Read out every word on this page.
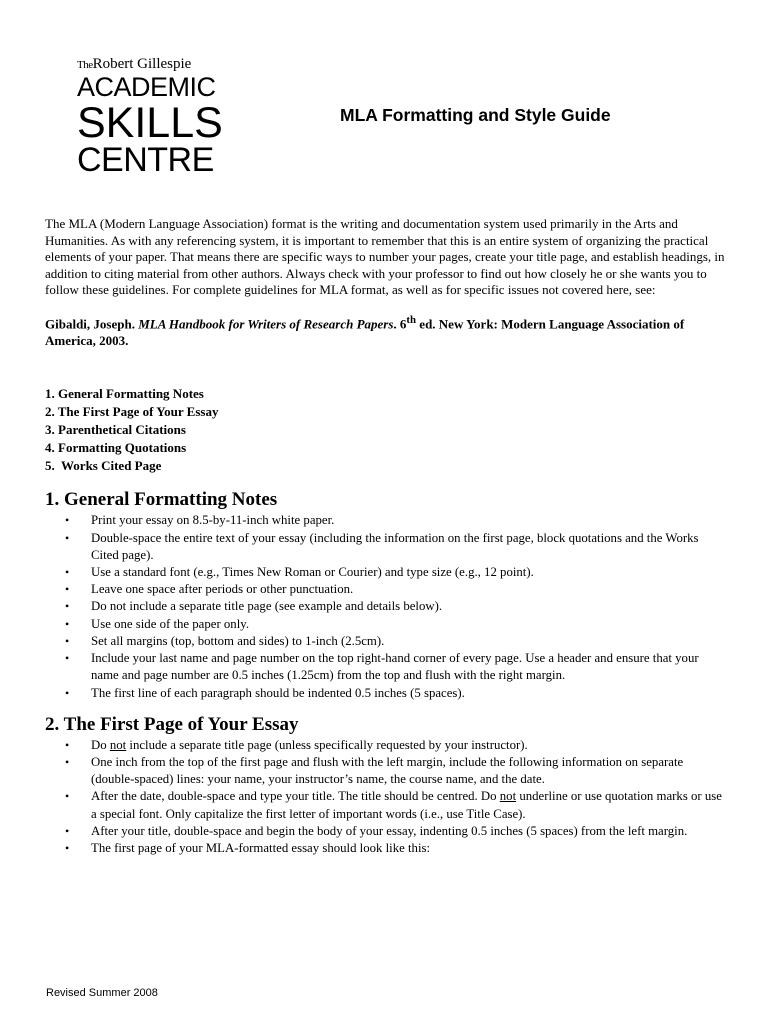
TheRobert Gillespie
ACADEMIC
SKILLS
CENTRE
MLA Formatting and Style Guide

The MLA (Modern Language Association) format is the writing and documentation system used primarily in the Arts and Humanities. As with any referencing system, it is important to remember that this is an entire system of organizing the practical elements of your paper. That means there are specific ways to number your pages, create your title page, and establish headings, in addition to citing material from other authors. Always check with your professor to find out how closely he or she wants you to follow these guidelines. For complete guidelines for MLA format, as well as for specific issues not covered here, see:

Gibaldi, Joseph. MLA Handbook for Writers of Research Papers. 6th ed. New York: Modern Language Association of America, 2003.

1. General Formatting Notes
2. The First Page of Your Essay
3. Parenthetical Citations
4. Formatting Quotations
5.  Works Cited Page
1. General Formatting Notes
• Print your essay on 8.5-by-11-inch white paper.
• Double-space the entire text of your essay (including the information on the first page, block quotations and the Works Cited page).
• Use a standard font (e.g., Times New Roman or Courier) and type size (e.g., 12 point).
• Leave one space after periods or other punctuation.
• Do not include a separate title page (see example and details below).
• Use one side of the paper only.
• Set all margins (top, bottom and sides) to 1-inch (2.5cm).
• Include your last name and page number on the top right-hand corner of every page. Use a header and ensure that your name and page number are 0.5 inches (1.25cm) from the top and flush with the right margin.
• The first line of each paragraph should be indented 0.5 inches (5 spaces).
2. The First Page of Your Essay
• Do not include a separate title page (unless specifically requested by your instructor).
• One inch from the top of the first page and flush with the left margin, include the following information on separate (double-spaced) lines: your name, your instructor’s name, the course name, and the date.
• After the date, double-space and type your title. The title should be centred. Do not underline or use quotation marks or use a special font. Only capitalize the first letter of important words (i.e., use Title Case).
• After your title, double-space and begin the body of your essay, indenting 0.5 inches (5 spaces) from the left margin.
• The first page of your MLA-formatted essay should look like this:
Revised Summer 2008
